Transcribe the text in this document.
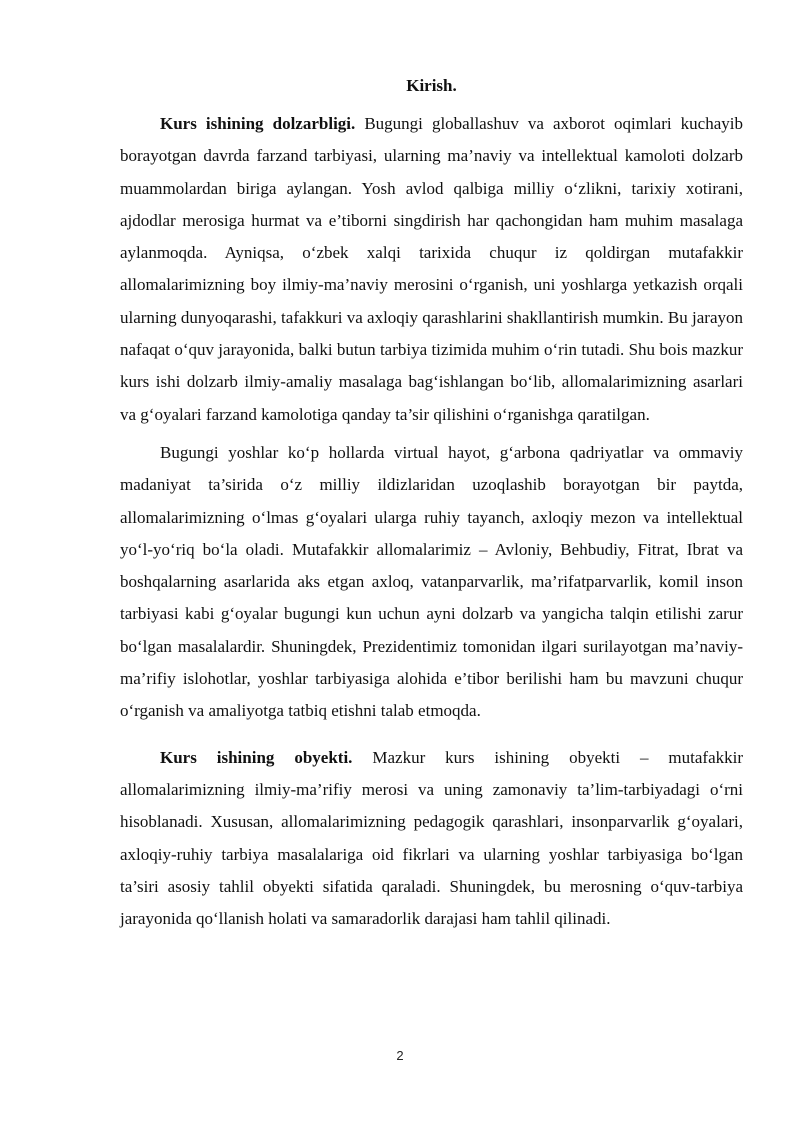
Kirish.

Kurs ishining dolzarbligi. Bugungi globallashuv va axborot oqimlari kuchayib borayotgan davrda farzand tarbiyasi, ularning ma’naviy va intellektual kamoloti dolzarb muammolardan biriga aylangan. Yosh avlod qalbiga milliy o‘zlikni, tarixiy xotirani, ajdodlar merosiga hurmat va e’tiborni singdirish har qachongidan ham muhim masalaga aylanmoqda. Ayniqsa, o‘zbek xalqi tarixida chuqur iz qoldirgan mutafakkir allomalarimizning boy ilmiy-ma’naviy merosini o‘rganish, uni yoshlarga yetkazish orqali ularning dunyoqarashi, tafakkuri va axloqiy qarashlarini shakllantirish mumkin. Bu jarayon nafaqat o‘quv jarayonida, balki butun tarbiya tizimida muhim o‘rin tutadi. Shu bois mazkur kurs ishi dolzarb ilmiy-amaliy masalaga bag‘ishlangan bo‘lib, allomalarimizning asarlari va g‘oyalari farzand kamolotiga qanday ta’sir qilishini o‘rganishga qaratilgan.

Bugungi yoshlar ko‘p hollarda virtual hayot, g‘arbona qadriyatlar va ommaviy madaniyat ta’sirida o‘z milliy ildizlaridan uzoqlashib borayotgan bir paytda, allomalarimizning o‘lmas g‘oyalari ularga ruhiy tayanch, axloqiy mezon va intellektual yo‘l-yo‘riq bo‘la oladi. Mutafakkir allomalarimiz – Avloniy, Behbudiy, Fitrat, Ibrat va boshqalarning asarlarida aks etgan axloq, vatanparvarlik, ma’rifatparvarlik, komil inson tarbiyasi kabi g‘oyalar bugungi kun uchun ayni dolzarb va yangicha talqin etilishi zarur bo‘lgan masalalardir. Shuningdek, Prezidentimiz tomonidan ilgari surilayotgan ma’naviy-ma’rifiy islohotlar, yoshlar tarbiyasiga alohida e’tibor berilishi ham bu mavzuni chuqur o‘rganish va amaliyotga tatbiq etishni talab etmoqda.

Kurs ishining obyekti. Mazkur kurs ishining obyekti – mutafakkir allomalarimizning ilmiy-ma’rifiy merosi va uning zamonaviy ta’lim-tarbiyadagi o‘rni hisoblanadi. Xususan, allomalarimizning pedagogik qarashlari, insonparvarlik g‘oyalari, axloqiy-ruhiy tarbiya masalalariga oid fikrlari va ularning yoshlar tarbiyasiga bo‘lgan ta’siri asosiy tahlil obyekti sifatida qaraladi. Shuningdek, bu merosning o‘quv-tarbiya jarayonida qo‘llanish holati va samaradorlik darajasi ham tahlil qilinadi.

2
